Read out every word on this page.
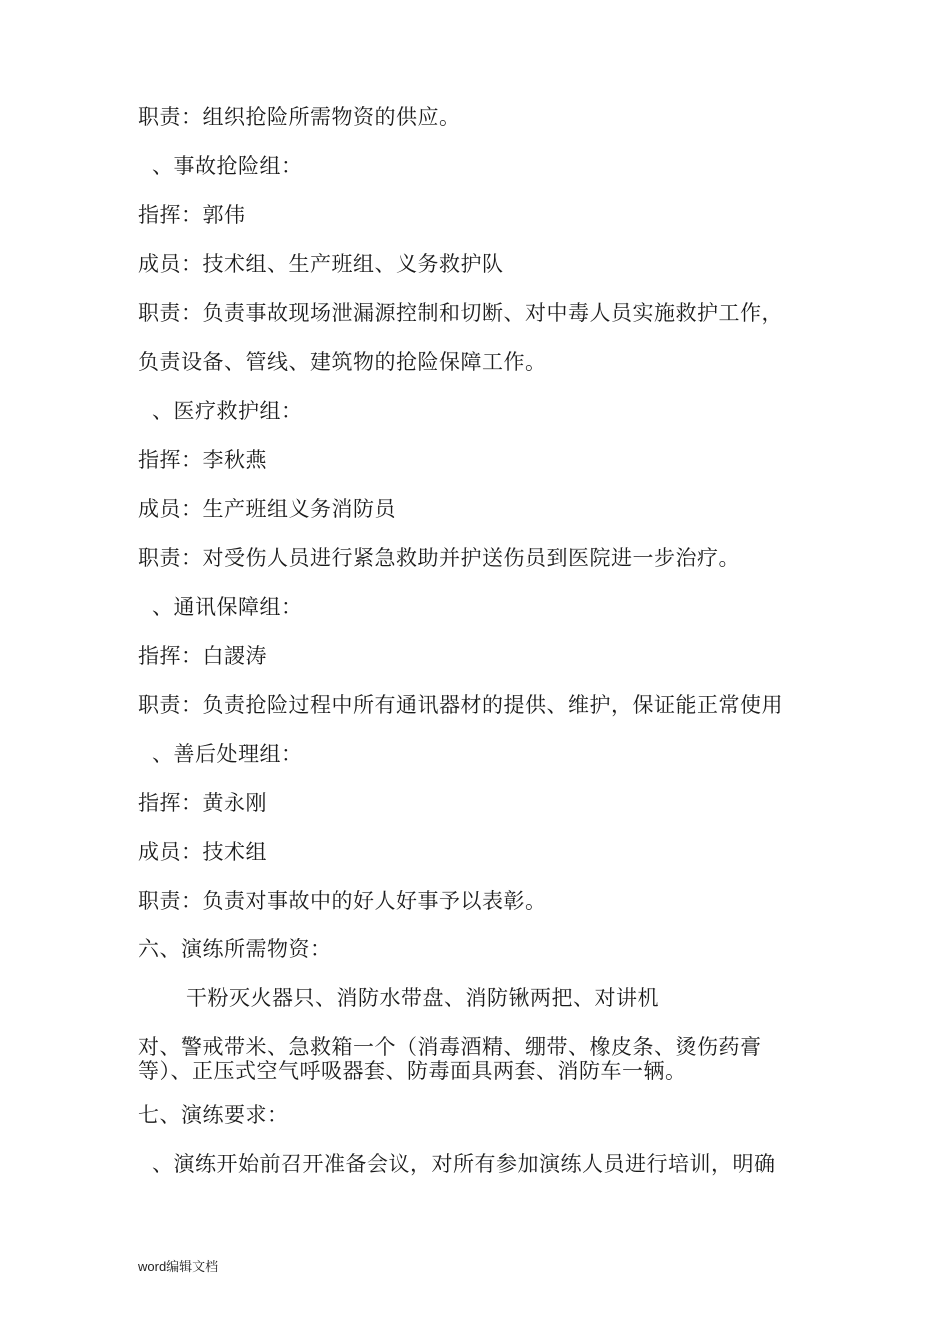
职责：组织抢险所需物资的供应。
、事故抢险组：
指挥：郭伟
成员：技术组、生产班组、义务救护队
职责：负责事故现场泄漏源控制和切断、对中毒人员实施救护工作，
负责设备、管线、建筑物的抢险保障工作。
、医疗救护组：
指挥：李秋燕
成员：生产班组义务消防员
职责：对受伤人员进行紧急救助并护送伤员到医院进一步治疗。
、通讯保障组：
指挥：白謖涛
职责：负责抢险过程中所有通讯器材的提供、维护，保证能正常使用
、善后处理组：
指挥：黄永刚
成员：技术组
职责：负责对事故中的好人好事予以表彰。
六、演练所需物资：
干粉灭火器只、消防水带盘、消防锹两把、对讲机
对、警戒带米、急救箱一个（消毒酒精、绷带、橡皮条、烫伤药膏等）、正压式空气呼吸器套、防毒面具两套、消防车一辆。
七、演练要求：
、演练开始前召开准备会议，对所有参加演练人员进行培训，明确
word编辑文档
